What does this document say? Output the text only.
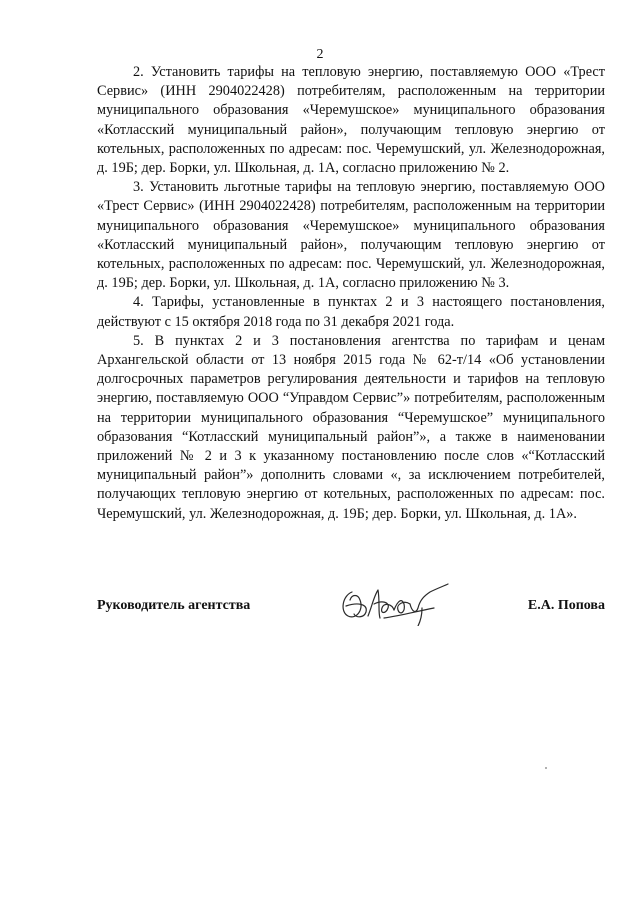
2

2. Установить тарифы на тепловую энергию, поставляемую ООО «Трест Сервис» (ИНН 2904022428) потребителям, расположенным на территории муниципального образования «Черемушское» муниципального образования «Котласский муниципальный район», получающим тепловую энергию от котельных, расположенных по адресам: пос. Черемушский, ул. Железнодорожная, д. 19Б; дер. Борки, ул. Школьная, д. 1А, согласно приложению № 2.

3. Установить льготные тарифы на тепловую энергию, поставляемую ООО «Трест Сервис» (ИНН 2904022428) потребителям, расположенным на территории муниципального образования «Черемушское» муниципального образования «Котласский муниципальный район», получающим тепловую энергию от котельных, расположенных по адресам: пос. Черемушский, ул. Железнодорожная, д. 19Б; дер. Борки, ул. Школьная, д. 1А, согласно приложению № 3.

4. Тарифы, установленные в пунктах 2 и 3 настоящего постановления, действуют с 15 октября 2018 года по 31 декабря 2021 года.

5. В пунктах 2 и 3 постановления агентства по тарифам и ценам Архангельской области от 13 ноября 2015 года № 62-т/14 «Об установлении долгосрочных параметров регулирования деятельности и тарифов на тепловую энергию, поставляемую ООО “Управдом Сервис”» потребителям, расположенным на территории муниципального образования “Черемушское” муниципального образования “Котласский муниципальный район”», а также в наименовании приложений № 2 и 3 к указанному постановлению после слов «“Котласский муниципальный район”» дополнить словами «, за исключением потребителей, получающих тепловую энергию от котельных, расположенных по адресам: пос. Черемушский, ул. Железнодорожная, д. 19Б; дер. Борки, ул. Школьная, д. 1А».

Руководитель агентства	Е.А. Попова
